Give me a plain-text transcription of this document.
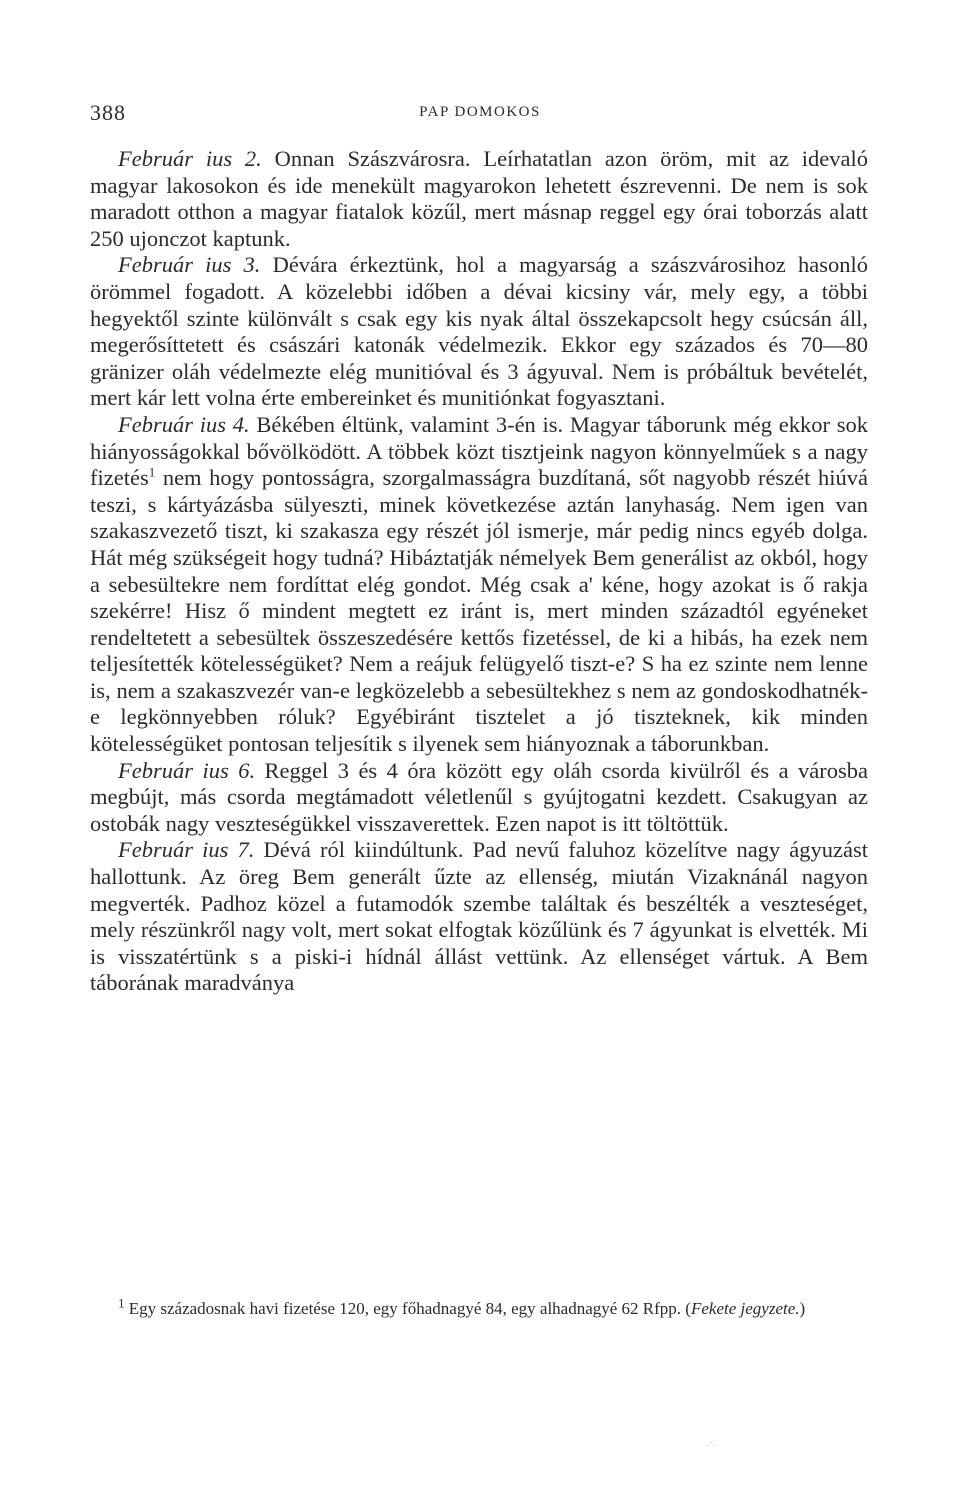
388	PAP DOMOKOS

Február ius 2. Onnan Szászvárosra. Leírhatatlan azon öröm, mit az idevaló magyar lakosokon és ide menekült magyarokon lehetett észrevenni. De nem is sok maradott otthon a magyar fiatalok közűl, mert másnap reggel egy órai toborzás alatt 250 ujonczot kaptunk.

Február ius 3. Dévára érkeztünk, hol a magyarság a szászvárosihoz hasonló örömmel fogadott. A közelebbi időben a dévai kicsiny vár, mely egy, a többi hegyektől szinte különvált s csak egy kis nyak által összekapcsolt hegy csúcsán áll, megerősíttetett és császári katonák védelmezik. Ekkor egy százados és 70—80 gränizer oláh védelmezte elég munitióval és 3 ágyuval. Nem is próbáltuk bevételét, mert kár lett volna érte embereinket és munitiónkat fogyasztani.

Február ius 4. Békében éltünk, valamint 3-én is. Magyar táborunk még ekkor sok hiányosságokkal bővölködött. A többek közt tisztjeink nagyon könnyelműek s a nagy fizetés$^1$ nem hogy pontosságra, szorgalmasságra buzdítaná, sőt nagyobb részét hiúvá teszi, s kártyázásba sülyeszti, minek következése aztán lanyhaság. Nem igen van szakaszvezető tiszt, ki szakasza egy részét jól ismerje, már pedig nincs egyéb dolga. Hát még szükségeit hogy tudná? Hibáztatják némelyek Bem generálist az okból, hogy a sebesültekre nem fordíttat elég gondot. Még csak a' kéne, hogy azokat is ő rakja szekérre! Hisz ő mindent megtett ez iránt is, mert minden századtól egyéneket rendeltetett a sebesültek összeszedésére kettős fizetéssel, de ki a hibás, ha ezek nem teljesítették kötelességüket? Nem a reájuk felügyelő tiszt-e? S ha ez szinte nem lenne is, nem a szakaszvezér van-e legközelebb a sebesültekhez s nem az gondoskodhatnék-e legkönnyebben róluk? Egyébiránt tisztelet a jó tiszteknek, kik minden kötelességüket pontosan teljesítik s ilyenek sem hiányoznak a táborunkban.

Február ius 6. Reggel 3 és 4 óra között egy oláh csorda kivülről és a városba megbújt, más csorda megtámadott véletlenűl s gyújtogatni kezdett. Csakugyan az ostobák nagy veszteségükkel visszaverettek. Ezen napot is itt töltöttük.

Február ius 7. Dévá ról kiindúltunk. Pad nevű faluhoz közelítve nagy ágyuzást hallottunk. Az öreg Bem generált űzte az ellenség, miután Vizaknánál nagyon megverték. Padhoz közel a futamodók szembe találtak és beszélték a veszteséget, mely részünkről nagy volt, mert sokat elfogtak közűlünk és 7 ágyunkat is elvették. Mi is visszatértünk s a piski-i hídnál állást vettünk. Az ellenséget vártuk. A Bem táborának maradványa

$^1$ Egy századosnak havi fizetése 120, egy főhadnagyé 84, egy alhadnagyé 62 Rfpp. (Fekete jegyzete.)
·˙·
